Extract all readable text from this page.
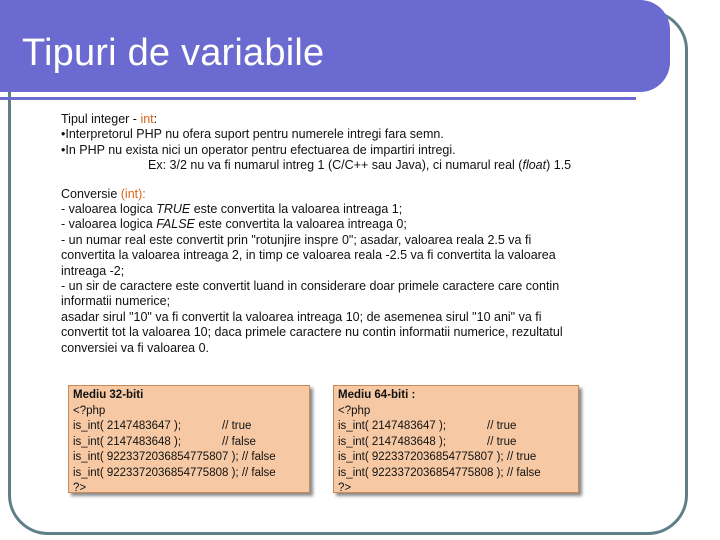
Tipuri de variabile

Tipul integer - int:

•Interpretorul PHP nu ofera suport pentru numerele intregi fara semn.

•In PHP nu exista nici un operator pentru efectuarea de impartiri intregi.

Ex: 3/2 nu va fi numarul intreg 1 (C/C++ sau Java), ci numarul real (float) 1.5

Conversie (int):

- valoarea logica TRUE este convertita la valoarea intreaga 1;

- valoarea logica FALSE este convertita la valoarea intreaga 0;

- un numar real este convertit prin "rotunjire inspre 0"; asadar, valoarea reala 2.5 va fi

convertita la valoarea intreaga 2, in timp ce valoarea reala -2.5 va fi convertita la valoarea

intreaga -2;

- un sir de caractere este convertit luand in considerare doar primele caractere care contin

informatii numerice;

asadar sirul "10" va fi convertit la valoarea intreaga 10; de asemenea sirul "10 ani" va fi

convertit tot la valoarea 10; daca primele caractere nu contin informatii numerice, rezultatul

conversiei va fi valoarea 0.

Mediu 32-biti
<?php
is_int( 2147483647 );	// true
is_int( 2147483648 );	// false
is_int( 9223372036854775807 );
// false
is_int( 9223372036854775808 );
// false
?>
Mediu 64-biti :
<?php
is_int( 2147483647 );	// true
is_int( 2147483648 );	// true
is_int( 9223372036854775807 );
// true
is_int( 9223372036854775808 );
// false
?>
